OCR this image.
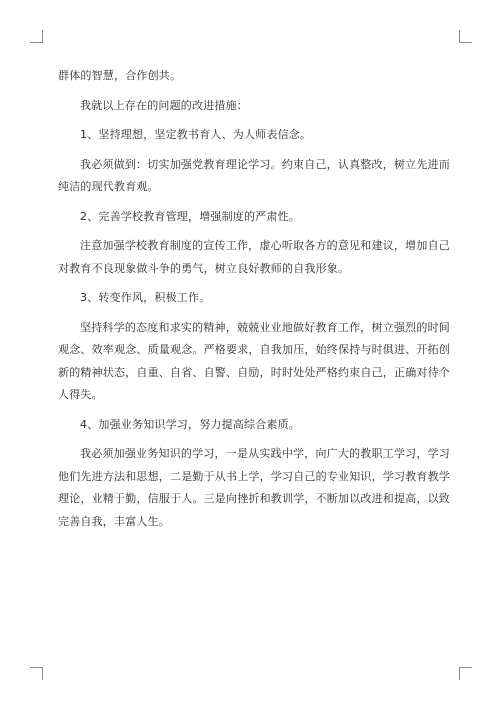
群体的智慧，合作创共。

我就以上存在的问题的改进措施：

1、坚持理想，坚定教书育人、为人师表信念。

我必须做到：切实加强党教育理论学习。约束自己，认真整改，树立先进而纯洁的现代教育观。

2、完善学校教育管理，增强制度的严肃性。

注意加强学校教育制度的宣传工作，虚心听取各方的意见和建议，增加自己对教育不良现象做斗争的勇气，树立良好教师的自我形象。

3、转变作风，积极工作。

坚持科学的态度和求实的精神，兢兢业业地做好教育工作，树立强烈的时间观念、效率观念、质量观念。严格要求，自我加压，始终保持与时俱进、开拓创新的精神状态，自重、自省、自警、自励，时时处处严格约束自己，正确对待个人得失。

4、加强业务知识学习，努力提高综合素质。

我必须加强业务知识的学习，一是从实践中学，向广大的教职工学习，学习他们先进方法和思想，二是勤于从书上学，学习自己的专业知识，学习教育教学理论，业精于勤，信服于人。三是向挫折和教训学，不断加以改进和提高，以致完善自我，丰富人生。
